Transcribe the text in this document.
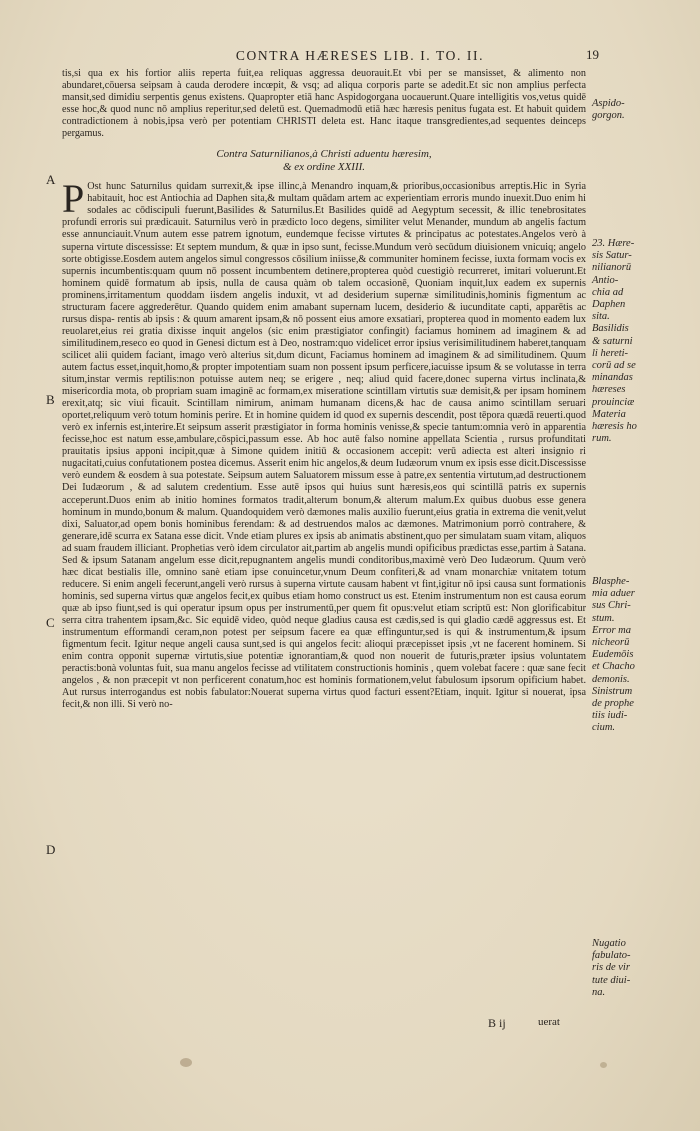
CONTRA HÆRESES LIB. I. TO. II.	19
A
B
C
D

tis,si qua ex his fortior aliis reperta fuit,ea reliquas aggressa deuorauit.Et vbi per se mansisset, & alimento non abundaret,cōuersa seipsam à cauda derodere incœpit, & vsq; ad aliqua corporis parte se adedit.Et sic non amplius perfecta mansit,sed dimidiu serpentis genus existens. Quapropter etiā hanc Aspidogorgana uocauerunt.Quare intelligitis vos,vetus quidē esse hoc,& quod nunc nō amplius reperitur,sed deletū est. Quemadmodū etiā hæc hæresis penitus fugata est. Et habuit quidem contradictionem à nobis,ipsa verò per potentiam CHRISTI deleta est. Hanc itaque transgredientes,ad sequentes deinceps pergamus.

Contra Saturnilianos,à Christi aduentu hæresim,
& ex ordine XXIII.

P Ost hunc Saturnilus quidam surrexit,& ipse illinc,à Menandro inquam,& prioribus,occasionibus arreptis.Hic in Syria habitauit, hoc est Antiochia ad Daphen sita,& multam quādam artem ac experientiam erroris mundo inuexit.Duo enim hi sodales ac cōdiscipuli fuerunt,Basilides & Saturnilus.Et Basilides quidē ad Aegyptum secessit, & illic tenebrositates profundi erroris sui prædicauit. Saturnilus verò in prædicto loco degens, similiter velut Menander, mundum ab angelis factum esse annunciauit.Vnum autem esse patrem ignotum, eundemque fecisse virtutes & principatus ac potestates.Angelos verò à superna virtute discessisse: Et septem mundum, & quæ in ipso sunt, fecisse.Mundum verò secūdum diuisionem vnicuiq; angelo sorte obtigisse.Eosdem autem angelos simul congressos cōsilium iniisse,& communiter hominem fecisse, iuxta formam vocis ex supernis incumbentis:quam quum nō possent incumbentem detinere,propterea quòd cuestigiò recurreret, imitari voluerunt.Et hominem quidē formatum ab ipsis, nulla de causa quàm ob talem occasionē, Quoniam inquit,lux eadem ex supernis prominens,irritamentum quoddam iisdem angelis induxit, vt ad desiderium supernæ similitudinis,hominis figmentum ac structuram facere aggrederētur. Quando quidem enim amabant supernam lucem, desiderio & iucunditate capti, apparētis ac rursus dispa- rentis ab ipsis : & quum amarent ipsam,& nō possent eius amore exsatiari, propterea quod in momento eadem lux reuolaret,eius rei gratia dixisse inquit angelos (sic enim præstigiator confingit) faciamus hominem ad imaginem & ad similitudinem,reseco eo quod in Genesi dictum est à Deo, nostram:quo videlicet error ipsius verisimilitudinem haberet,tanquam scilicet alii quidem faciant, imago verò alterius sit,dum dicunt, Faciamus hominem ad imaginem & ad similitudinem. Quum autem factus esset,inquit,homo,& propter impotentiam suam non possent ipsum perficere,iacuisse ipsum & se volutasse in terra situm,instar vermis reptilis:non potuisse autem neq; se erigere , neq; aliud quid facere,donec superna virtus inclinata,& misericordia mota, ob propriam suam imaginē ac formam,ex miseratione scintillam virtutis suæ demisit,& per ipsam hominem erexit,atq; sic viui ficauit. Scintillam nimirum, animam humanam dicens,& hac de causa animo scintillam seruari oportet,reliquum verò totum hominis perire. Et in homine quidem id quod ex supernis descendit, post tēpora quædā reuerti.quod verò ex infernis est,interire.Et seipsum asserit præstigiator in forma hominis venisse,& specie tantum:omnia verò in apparentia fecisse,hoc est natum esse,ambulare,cōspici,passum esse. Ab hoc autē falso nomine appellata Scientia , rursus profunditati prauitatis ipsius apponi incipit,quæ à Simone quidem initiū & occasionem accepit: verū adiecta est alteri insignio ri nugacitati,cuius confutationem postea dicemus. Asserit enim hic angelos,& deum Iudæorum vnum ex ipsis esse dicit.Discessisse verò eundem & eosdem à sua potestate. Seipsum autem Saluatorem missum esse à patre,ex sententia virtutum,ad destructionem Dei Iudæorum , & ad salutem credentium. Esse autē ipsos qui huius sunt hæresis,eos qui scintillā patris ex supernis acceperunt.Duos enim ab initio homines formatos tradit,alterum bonum,& alterum malum.Ex quibus duobus esse genera hominum in mundo,bonum & malum. Quandoquidem verò dæmones malis auxilio fuerunt,eius gratia in extrema die venit,velut dixi, Saluator,ad opem bonis hominibus ferendam: & ad destruendos malos ac dæmones. Matrimonium porrò contrahere, & generare,idē scurra ex Satana esse dicit. Vnde etiam plures ex ipsis ab animatis abstinent,quo per simulatam suam vitam, aliquos ad suam fraudem illiciant. Prophetias verò idem circulator ait,partim ab angelis mundi opificibus prædictas esse,partim à Satana. Sed & ipsum Satanam angelum esse dicit,repugnantem angelis mundi conditoribus,maximè verò Deo Iudæorum. Quum verò hæc dicat bestialis ille, omnino sanè etiam ipse conuincetur,vnum Deum confiteri,& ad vnam monarchiæ vnitatem totum reducere. Si enim angeli fecerunt,angeli verò rursus à superna virtute causam habent vt fint,igitur nō ipsi causa sunt formationis hominis, sed superna virtus quæ angelos fecit,ex quibus etiam homo construct us est. Etenim instrumentum non est causa eorum quæ ab ipso fiunt,sed is qui operatur ipsum opus per instrumentū,per quem fit opus:velut etiam scriptū est: Non glorificabitur serra citra trahentem ipsam,&c. Sic equidē video, quòd neque gladius causa est cædis,sed is qui gladio cædē aggressus est. Et instrumentum efformandi ceram,non potest per seipsum facere ea quæ effinguntur,sed is qui & instrumentum,& ipsum figmentum fecit. Igitur neque angeli causa sunt,sed is qui angelos fecit: alioqui præcepisset ipsis ,vt ne facerent hominem. Si enim contra opponit supernæ virtutis,siue potentiæ ignorantiam,& quod non nouerit de futuris,præter ipsius voluntatem peractis:bonà voluntas fuit, sua manu angelos fecisse ad vtilitatem constructionis hominis , quem volebat facere : quæ sane fecit angelos , & non præcepit vt non perficerent conatum,hoc est hominis formationem,velut fabulosum ipsorum opificium habet. Aut rursus interrogandus est nobis fabulator:Nouerat superna virtus quod facturi essent?Etiam, inquit. Igitur si nouerat, ipsa fecit,& non illi. Si verò no-

Aspido-
gorgon.
23. Hære-
sis Satur-
nilianorū
Antio-
chia ad
Daphen
sita.
Basilidis
& saturni
li hereti-
corū ad se
minandas
hæreses
prouinciæ
Materia
hæresis ho
rum.
Blasphe-
mia aduer
sus Chri-
stum.
Error ma
nicheorū
Eudemōis
et Chacho
demonis.
Sinistrum
de prophe
tiis iudi-
cium.
Nugatio
fabulato-
ris de vir
tute diui-
na.
B ij	uerat
